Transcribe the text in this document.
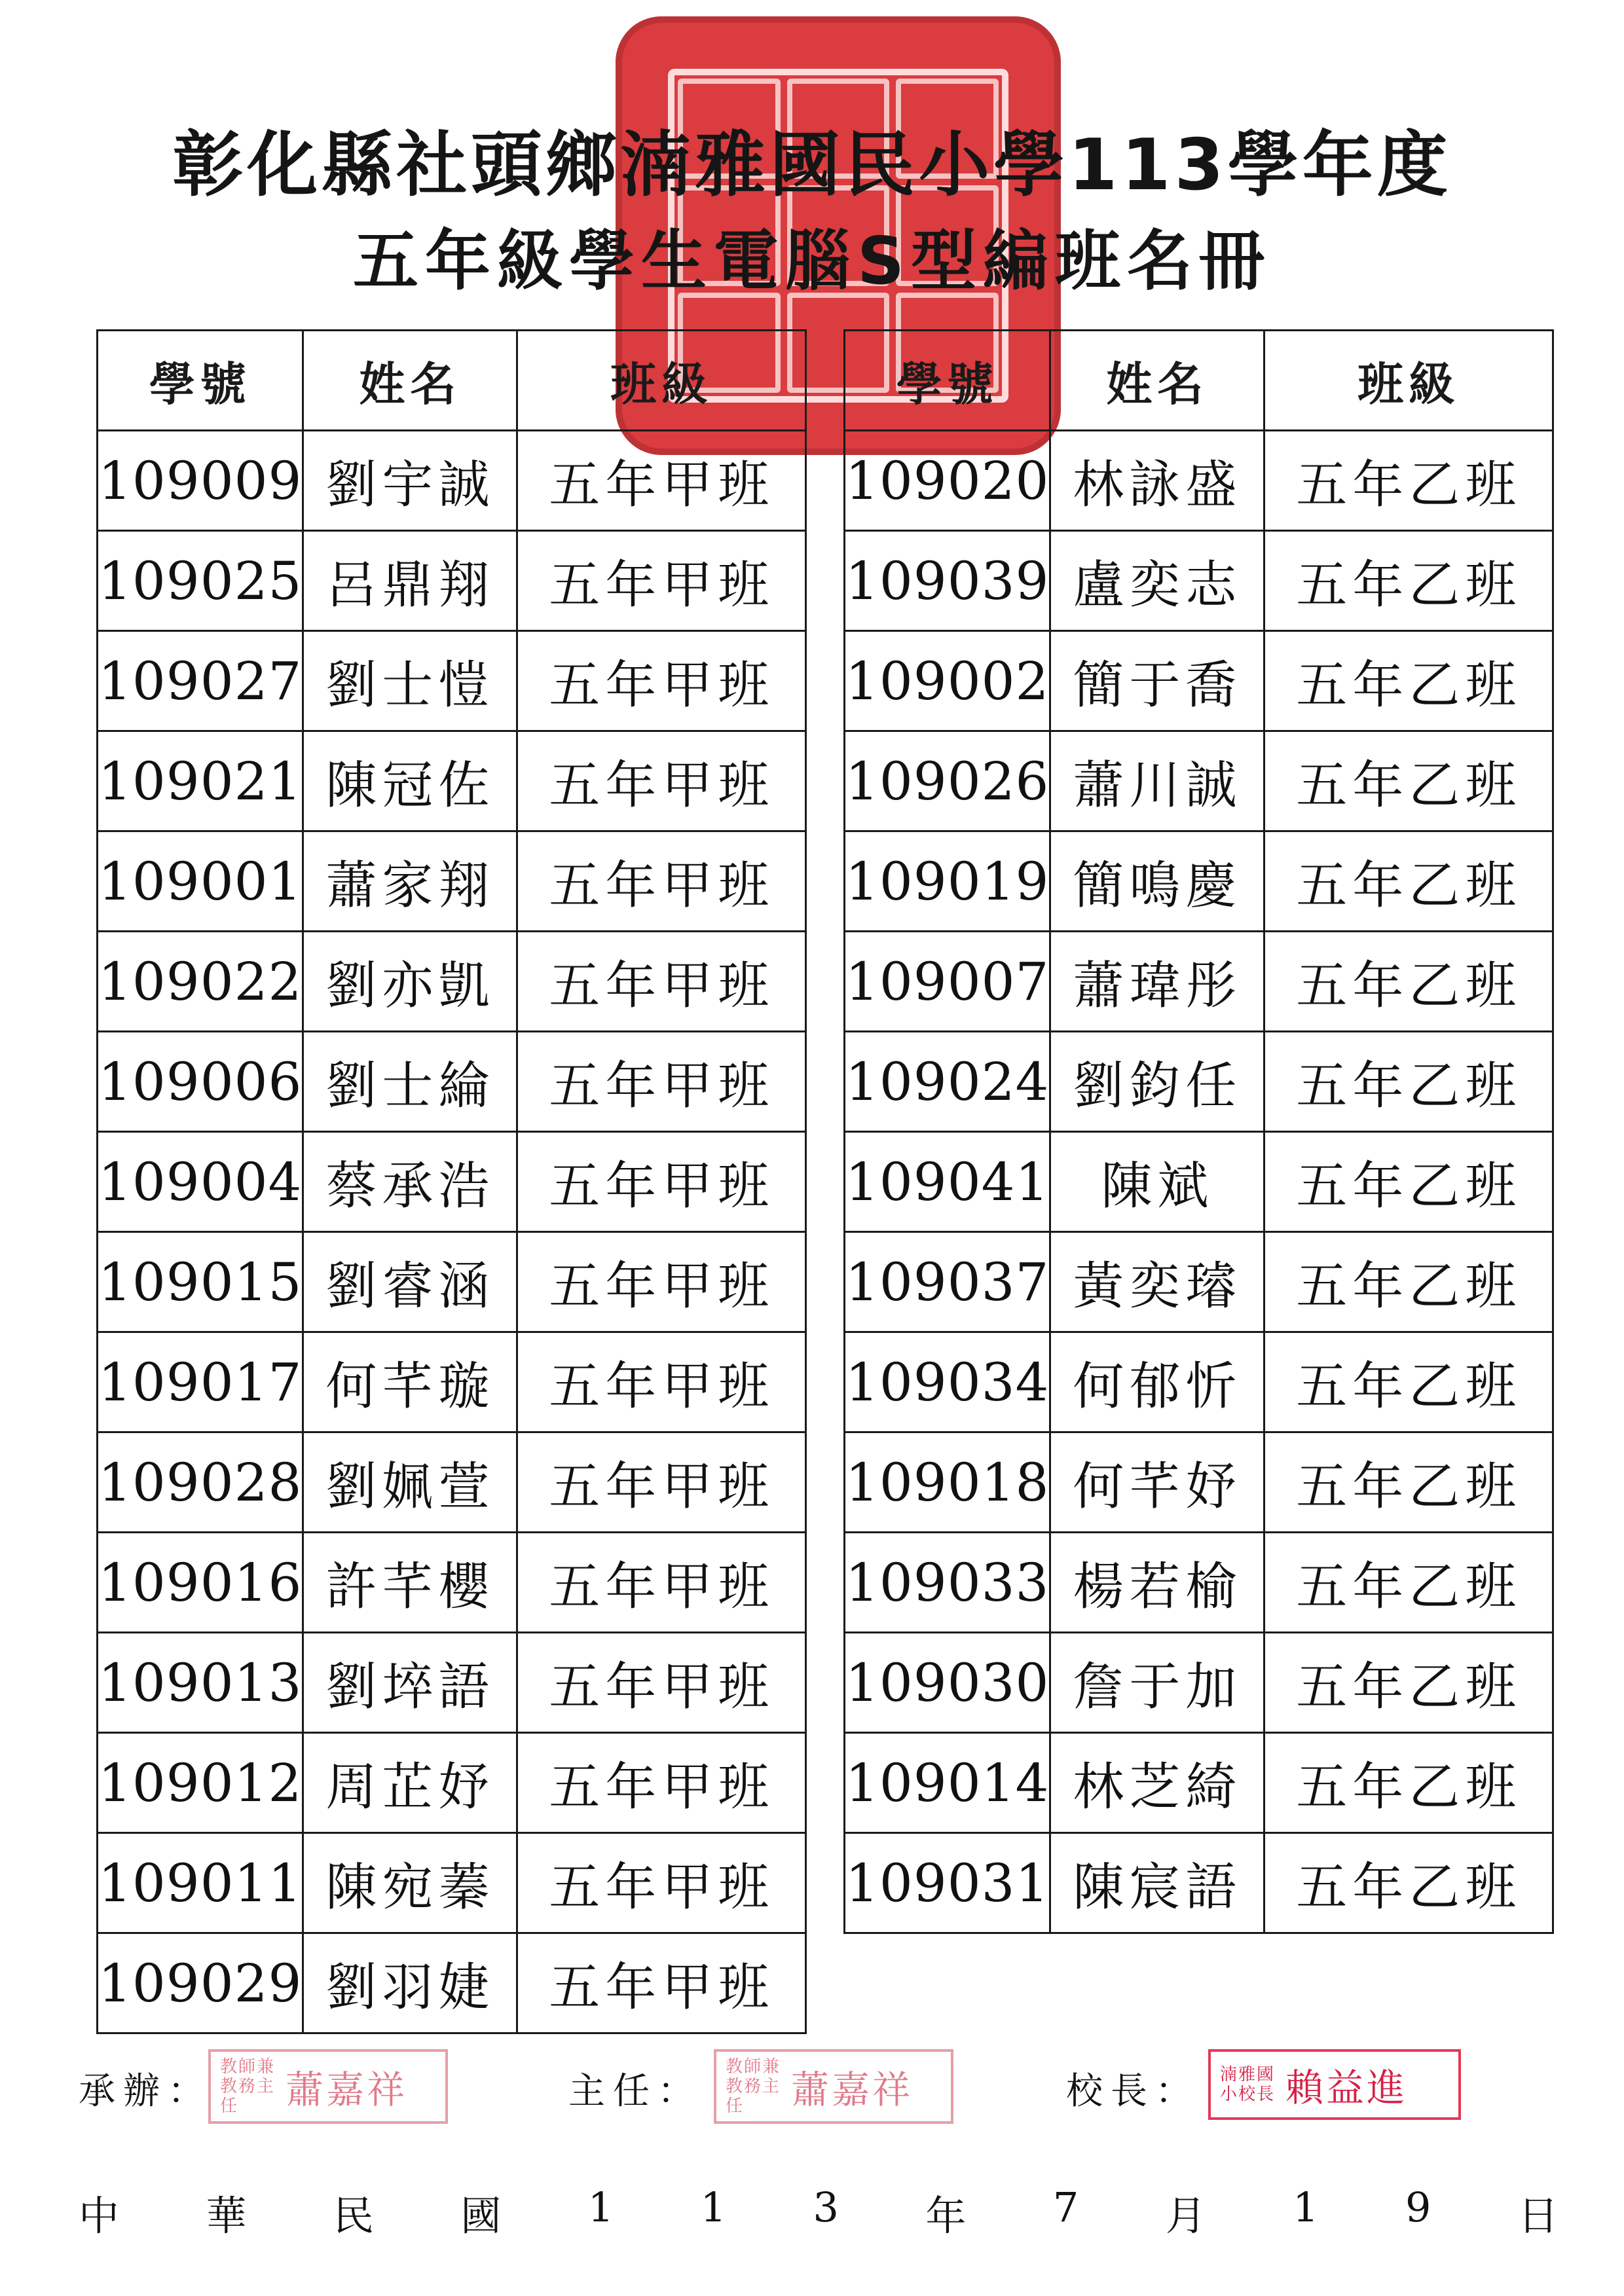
彰化縣社頭鄉湳雅國民小學113學年度
五年級學生電腦S型編班名冊
學號	姓名	班級
109009	劉宇誠	五年甲班
109025	呂鼎翔	五年甲班
109027	劉士愷	五年甲班
109021	陳冠佐	五年甲班
109001	蕭家翔	五年甲班
109022	劉亦凱	五年甲班
109006	劉士綸	五年甲班
109004	蔡承浩	五年甲班
109015	劉睿涵	五年甲班
109017	何芊璇	五年甲班
109028	劉姵萱	五年甲班
109016	許芊櫻	五年甲班
109013	劉埣語	五年甲班
109012	周芷妤	五年甲班
109011	陳宛蓁	五年甲班
109029	劉羽婕	五年甲班
學號	姓名	班級
109020	林詠盛	五年乙班
109039	盧奕志	五年乙班
109002	簡于喬	五年乙班
109026	蕭川誠	五年乙班
109019	簡鳴慶	五年乙班
109007	蕭瑋彤	五年乙班
109024	劉鈞任	五年乙班
109041	陳斌	五年乙班
109037	黃奕璿	五年乙班
109034	何郁忻	五年乙班
109018	何芊妤	五年乙班
109033	楊若榆	五年乙班
109030	詹于加	五年乙班
109014	林芝綺	五年乙班
109031	陳宸語	五年乙班
承辦：
教師兼教務主任	蕭嘉祥	主任：
教師兼教務主任	蕭嘉祥	校長： 湳雅國小校長 賴益進
中 華 民 國 1 1 3 年 7 月 1 9 日
